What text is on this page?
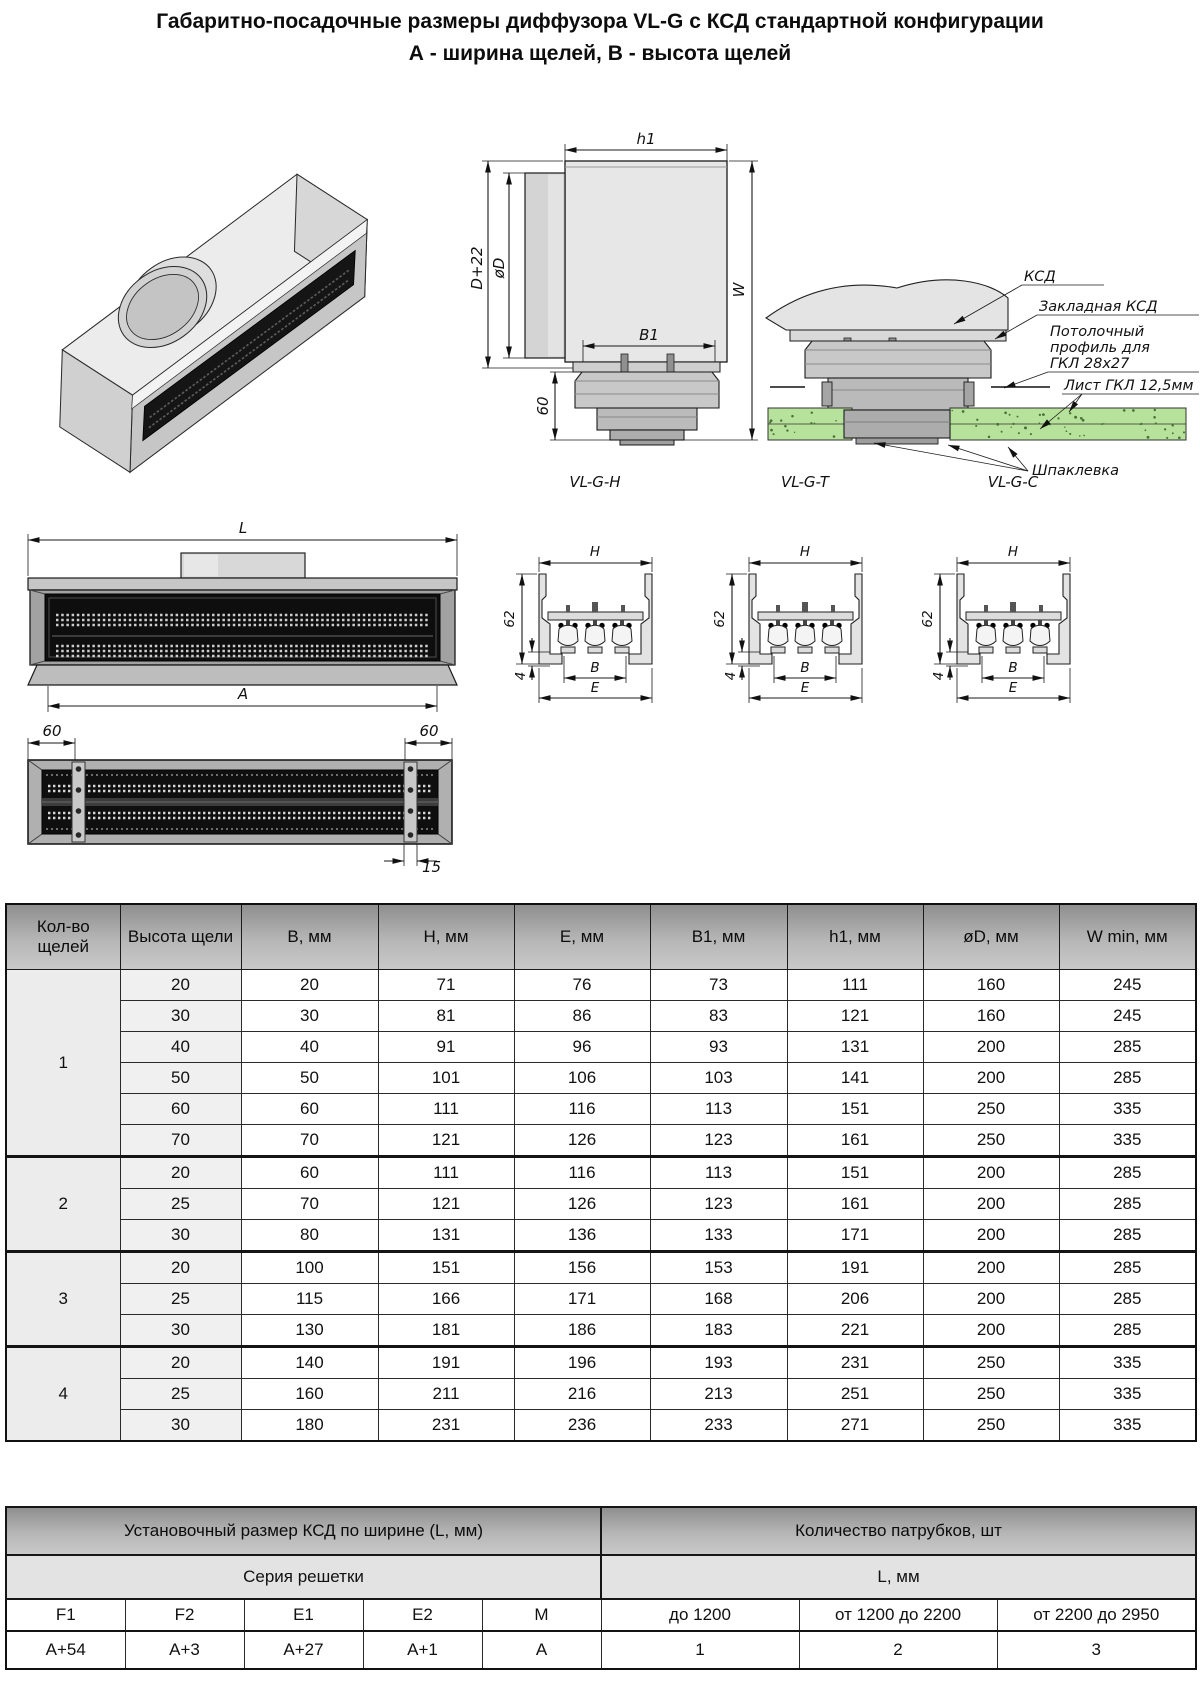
Габаритно-посадочные размеры диффузора VL-G с КСД стандартной конфигурации
А - ширина щелей, В - высота щелей
h1
D+22 øD
B1
60
W
КСД
Закладная КСД
Потолочный
профиль для
ГКЛ 28х27
Лист ГКЛ 12,5мм
Шпаклевка
L
A
60	60
15
VL-G-H
H
62
4	B
E
VL-G-T
H
62
4	B
E
VL-G-C
H
62
4	B
E
Кол-во щелей	Высота щели	B, мм	H, мм	E, мм	B1, мм	h1, мм	øD, мм	W min, мм
1	20	20	71	76	73	111	160	245
	30	30	81	86	83	121	160	245
	40	40	91	96	93	131	200	285
	50	50	101	106	103	141	200	285
	60	60	111	116	113	151	250	335
	70	70	121	126	123	161	250	335
2	20	60	111	116	113	151	200	285
	25	70	121	126	123	161	200	285
	30	80	131	136	133	171	200	285
3	20	100	151	156	153	191	200	285
	25	115	166	171	168	206	200	285
	30	130	181	186	183	221	200	285
4	20	140	191	196	193	231	250	335
	25	160	211	216	213	251	250	335
	30	180	231	236	233	271	250	335
Установочный размер КСД по ширине (L, мм)					Количество патрубков, шт		
Серия решетки					L, мм		
F1	F2	E1	E2	M	до 1200	от 1200 до 2200	от 2200 до 2950
A+54	A+3	A+27	A+1	A	1	2	3
